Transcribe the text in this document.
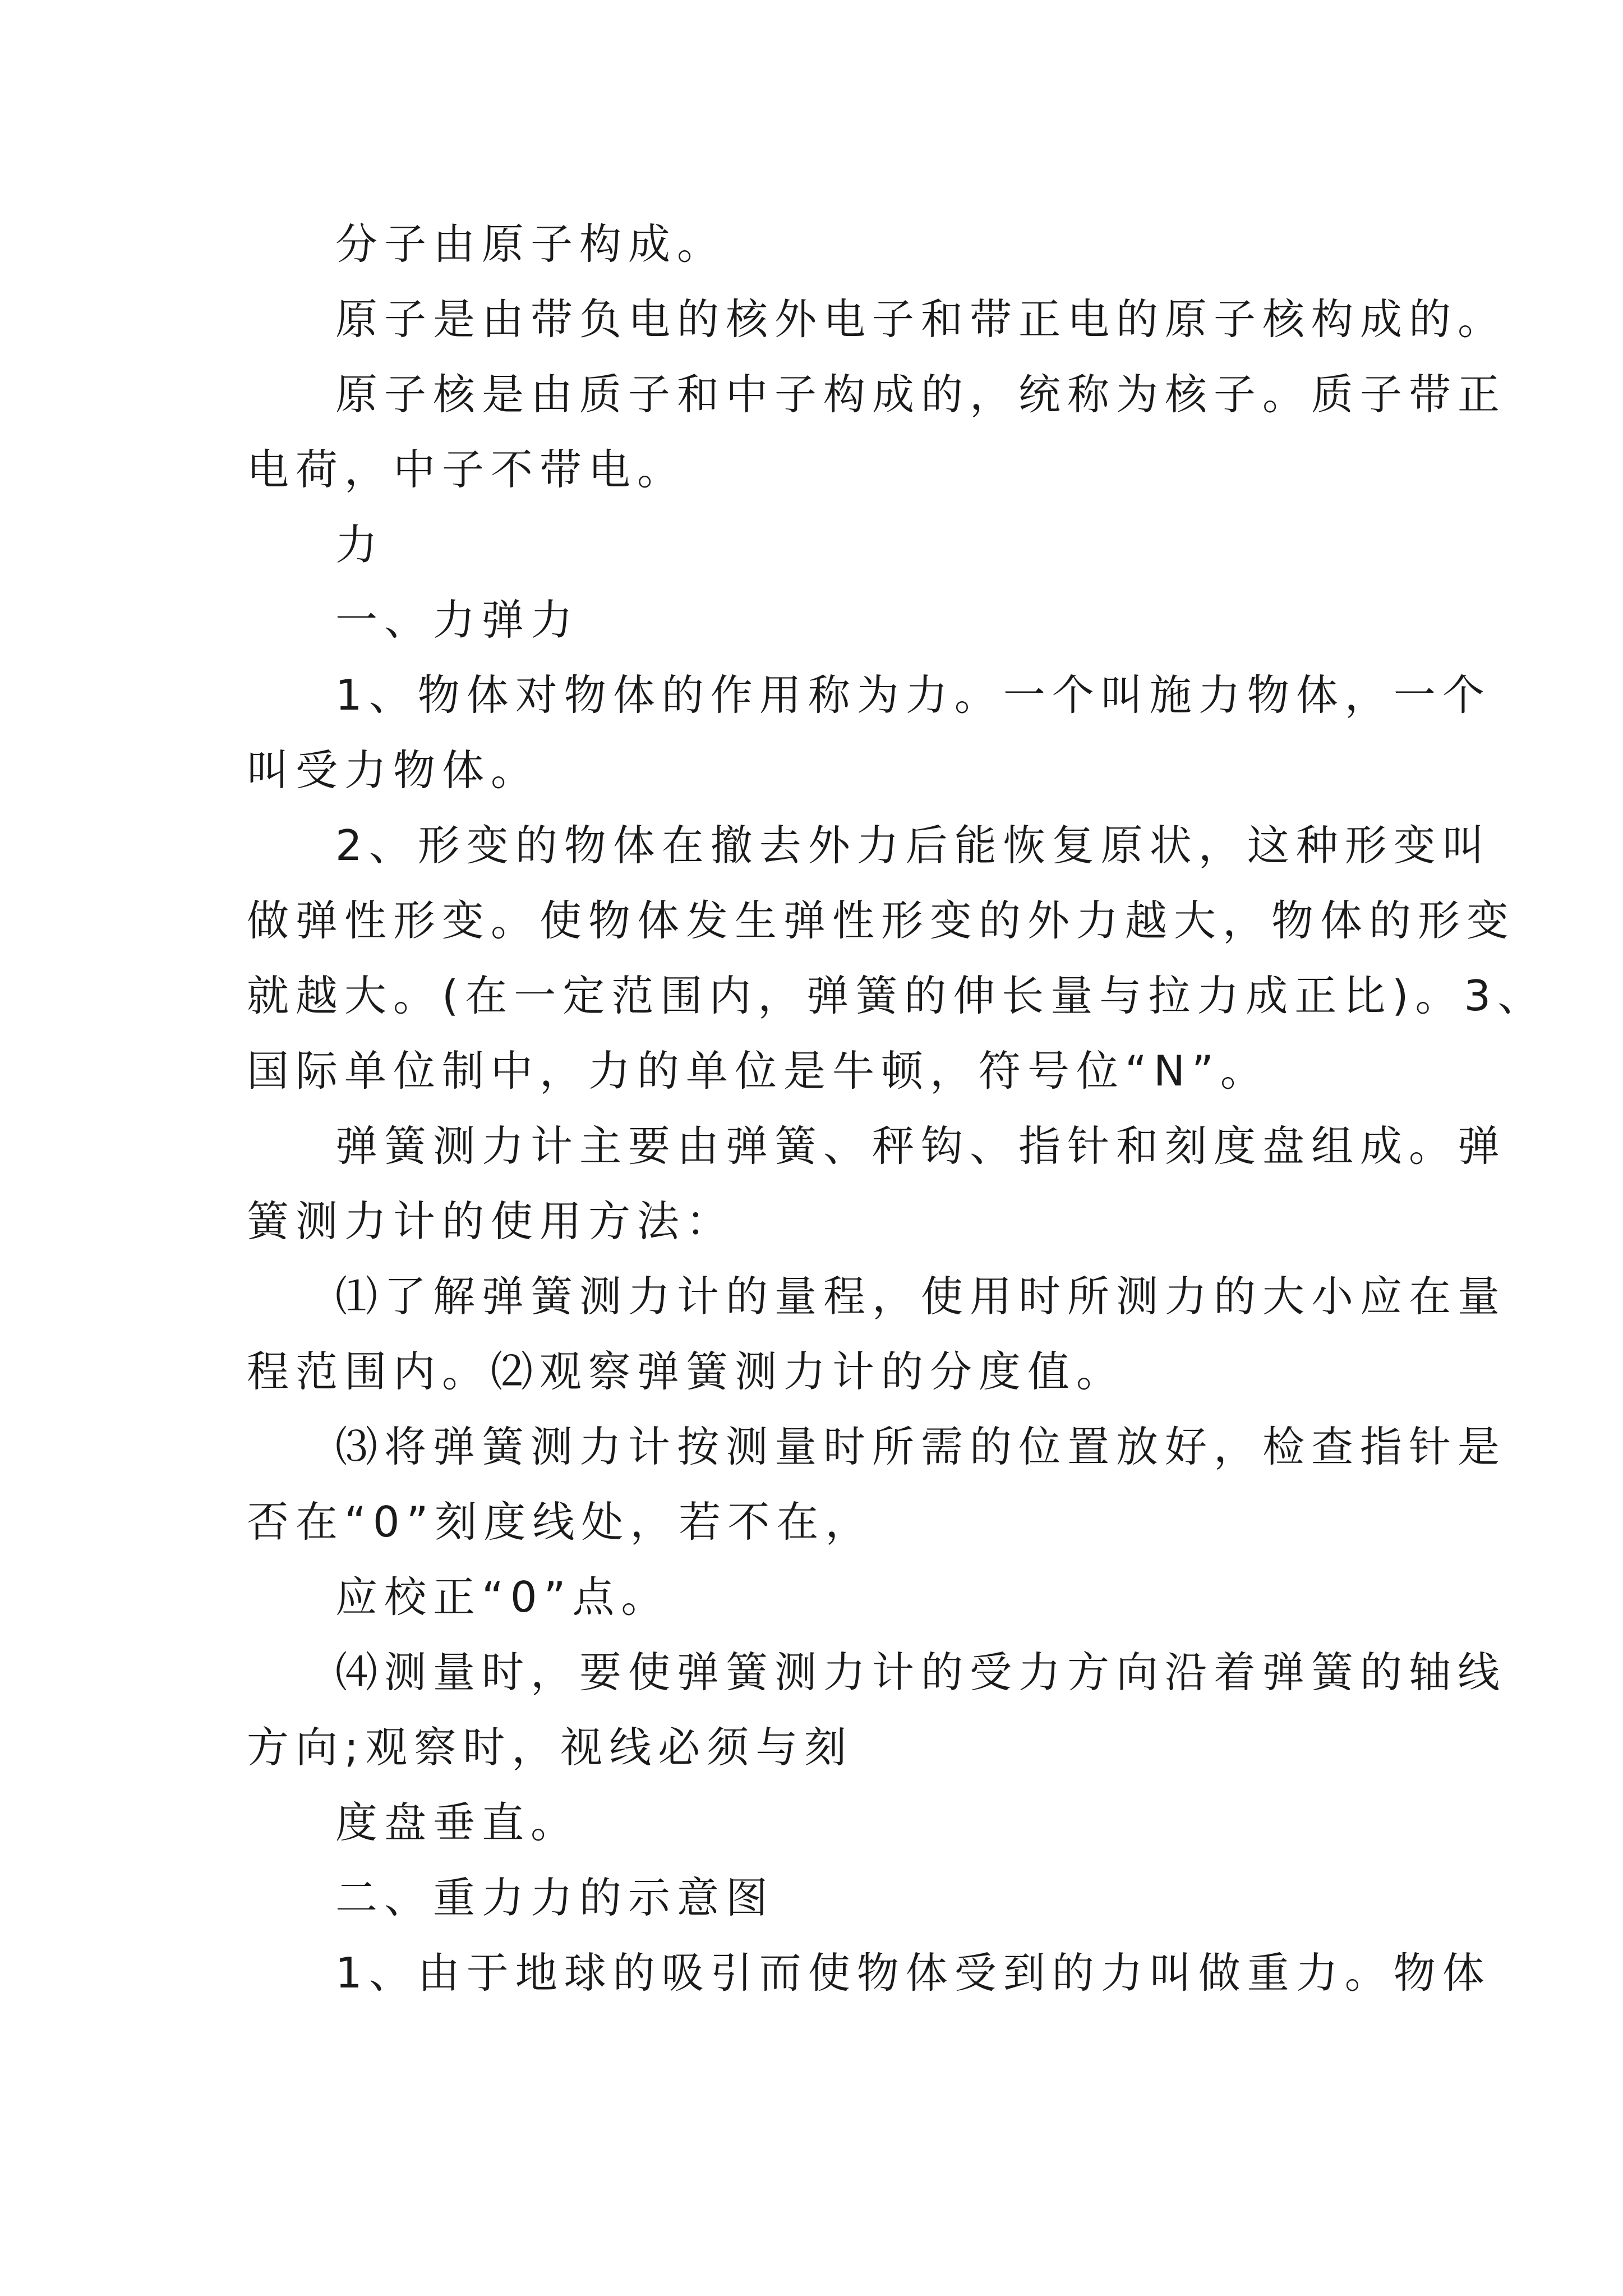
分子由原子构成。

原子是由带负电的核外电子和带正电的原子核构成的。

原子核是由质子和中子构成的，统称为核子。质子带正

电荷，中子不带电。

力

一、力弹力

1、物体对物体的作用称为力。一个叫施力物体，一个

叫受力物体。

2、形变的物体在撤去外力后能恢复原状，这种形变叫

做弹性形变。使物体发生弹性形变的外力越大，物体的形变

就越大。(在一定范围内，弹簧的伸长量与拉力成正比)。3、

国际单位制中，力的单位是牛顿，符号位“N”。

弹簧测力计主要由弹簧、秤钩、指针和刻度盘组成。弹

簧测力计的使用方法：

⑴了解弹簧测力计的量程，使用时所测力的大小应在量

程范围内。⑵观察弹簧测力计的分度值。

⑶将弹簧测力计按测量时所需的位置放好，检查指针是

否在“0”刻度线处，若不在，

应校正“0”点。

⑷测量时，要使弹簧测力计的受力方向沿着弹簧的轴线

方向;观察时，视线必须与刻

度盘垂直。

二、重力力的示意图

1、由于地球的吸引而使物体受到的力叫做重力。物体
